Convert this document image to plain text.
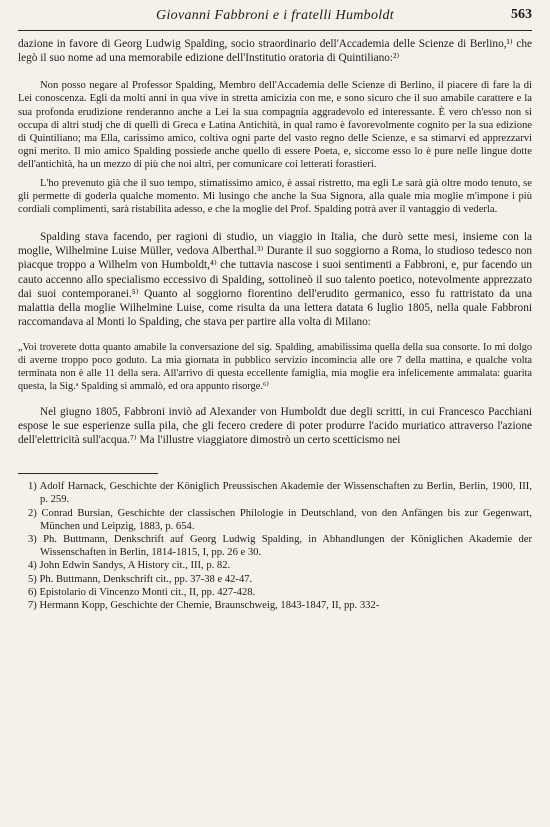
Giovanni Fabbroni e i fratelli Humboldt	563

dazione in favore di Georg Ludwig Spalding, socio straordinario dell'Accademia delle Scienze di Berlino,¹⁾ che legò il suo nome ad una memorabile edizione dell'Institutio oratoria di Quintiliano:²⁾

Non posso negare al Professor Spalding, Membro dell'Accademia delle Scienze di Berlino, il piacere di fare la di Lei conoscenza. Egli da molti anni in qua vive in stretta amicizia con me, e sono sicuro che il suo amabile carattere e la sua profonda erudizione renderanno anche a Lei la sua compagnia aggradevolo ed interessante. È vero ch'esso non si occupa di altri studj che di quelli di Greca e Latina Antichità, in qual ramo è favorevolmente cognito per la sua edizione di Quintiliano; ma Ella, carissimo amico, coltiva ogni parte del vasto regno delle Scienze, e sa stimarvi ed apprezzarvi ogni merito. Il mio amico Spalding possiede anche quello di essere Poeta, e, siccome esso lo è pure nelle lingue dotte dell'antichità, ha un mezzo di più che noi altri, per comunicare coi letterati forastieri.

L'ho prevenuto già che il suo tempo, stimatissimo amico, è assai ristretto, ma egli Le sarà già oltre modo tenuto, se gli permette di goderla qualche momento. Mi lusingo che anche la Sua Signora, alla quale mia moglie m'impone i più cordiali complimenti, sarà ristabilita adesso, e che la moglie del Prof. Spalding potrà aver il vantaggio di vederla.

Spalding stava facendo, per ragioni di studio, un viaggio in Italia, che durò sette mesi, insieme con la moglie, Wilhelmine Luise Müller, vedova Alberthal.³⁾ Durante il suo soggiorno a Roma, lo studioso tedesco non piacque troppo a Wilhelm von Humboldt,⁴⁾ che tuttavia nascose i suoi sentimenti a Fabbroni, e, pur facendo un cauto accenno allo specialismo eccessivo di Spalding, sottolineò il suo talento poetico, notevolmente apprezzato dai suoi contemporanei.⁵⁾ Quanto al soggiorno fiorentino dell'erudito germanico, esso fu rattristato da una malattia della moglie Wilhelmine Luise, come risulta da una lettera datata 6 luglio 1805, nella quale Fabbroni raccomandava al Monti lo Spalding, che stava per partire alla volta di Milano:

„Voi troverete dotta quanto amabile la conversazione del sig. Spalding, amabilissima quella della sua consorte. Io mi dolgo di averne troppo poco goduto. La mia giornata in pubblico servizio incomincia alle ore 7 della mattina, e qualche volta terminata non è alle 11 della sera. All'arrivo di questa eccellente famiglia, mia moglie era infelicemente ammalata: guarita questa, la Sig.ᵃ Spalding si ammalò, ed ora appunto risorge.⁶⁾

Nel giugno 1805, Fabbroni inviò ad Alexander von Humboldt due degli scritti, in cui Francesco Pacchiani espose le sue esperienze sulla pila, che gli fecero credere di poter produrre l'acido muriatico attraverso l'azione dell'elettricità sull'acqua.⁷⁾ Ma l'illustre viaggiatore dimostrò un certo scetticismo nei

1) Adolf Harnack, Geschichte der Königlich Preussischen Akademie der Wissenschaften zu Berlin, Berlin, 1900, III, p. 259.

2) Conrad Bursian, Geschichte der classischen Philologie in Deutschland, von den Anfängen bis zur Gegenwart, München und Leipzig, 1883, p. 654.

3) Ph. Buttmann, Denkschrift auf Georg Ludwig Spalding, in Abhandlungen der Königlichen Akademie der Wissenschaften in Berlin, 1814-1815, I, pp. 26 e 30.

4) John Edwin Sandys, A History cit., III, p. 82.

5) Ph. Buttmann, Denkschrift cit., pp. 37-38 e 42-47.

6) Epistolario di Vincenzo Monti cit., II, pp. 427-428.

7) Hermann Kopp, Geschichte der Chemie, Braunschweig, 1843-1847, II, pp. 332-
